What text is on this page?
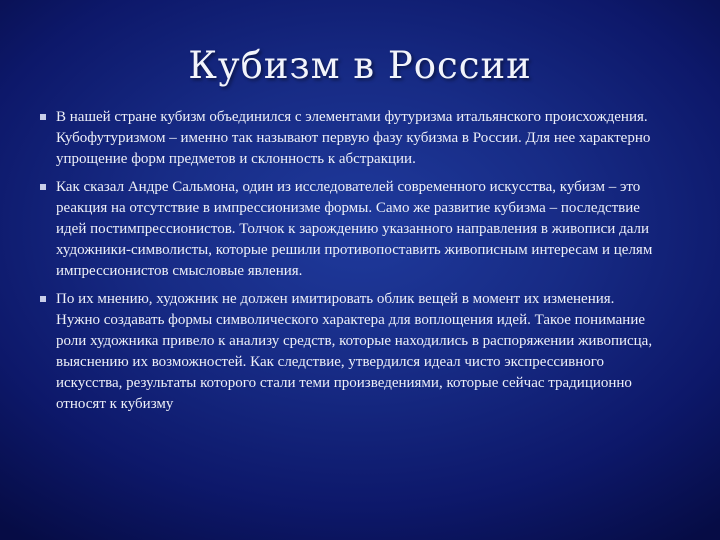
Кубизм в России
В нашей стране кубизм объединился с элементами футуризма итальянского происхождения. Кубофутуризмом – именно так называют первую фазу кубизма в России. Для нее характерно упрощение форм предметов и склонность к абстракции.
Как сказал Андре Сальмона, один из исследователей современного искусства, кубизм – это реакция на отсутствие в импрессионизме формы. Само же развитие кубизма – последствие идей постимпрессионистов. Толчок к зарождению указанного направления в живописи дали художники-символисты, которые решили противопоставить живописным интересам и целям импрессионистов смысловые явления.
По их мнению, художник не должен имитировать облик вещей в момент их изменения. Нужно создавать формы символического характера для воплощения идей. Такое понимание роли художника привело к анализу средств, которые находились в распоряжении живописца, выяснению их возможностей. Как следствие, утвердился идеал чисто экспрессивного искусства, результаты которого стали теми произведениями, которые сейчас традиционно относят к кубизму
